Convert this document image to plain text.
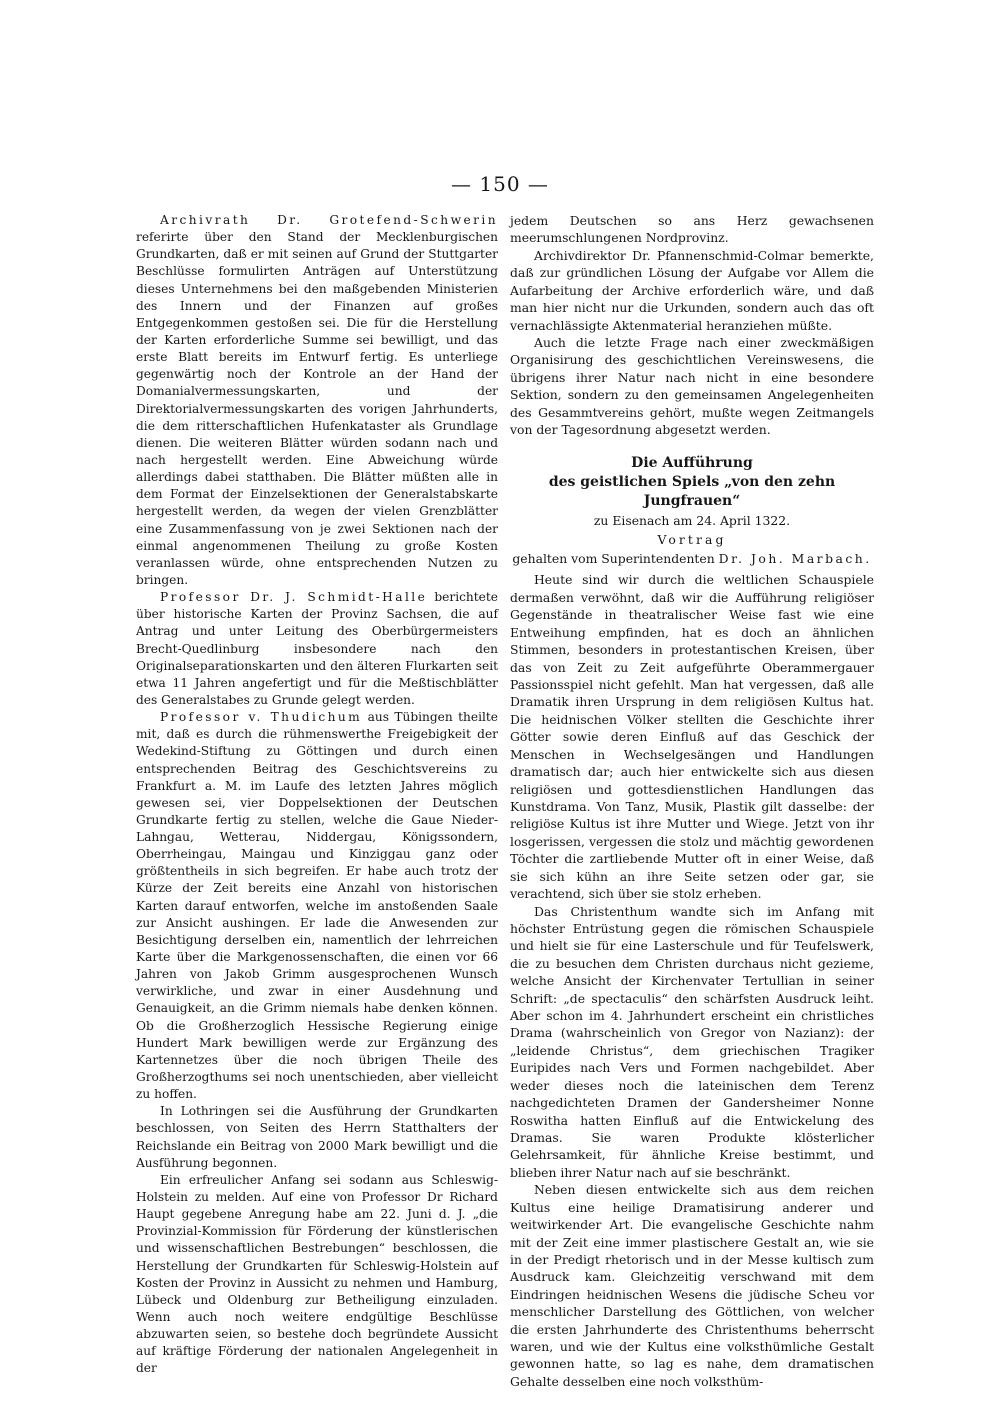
— 150 —

Archivrath Dr. Grotefend-Schwerin referirte über den Stand der Mecklenburgischen Grundkarten, daß er mit seinen auf Grund der Stuttgarter Beschlüsse formulirten Anträgen auf Unterstützung dieses Unternehmens bei den maßgebenden Ministerien des Innern und der Finanzen auf großes Entgegenkommen gestoßen sei. Die für die Herstellung der Karten erforderliche Summe sei bewilligt, und das erste Blatt bereits im Entwurf fertig. Es unterliege gegenwärtig noch der Kontrole an der Hand der Domanialvermessungskarten, und der Direktorialvermessungskarten des vorigen Jahrhunderts, die dem ritterschaftlichen Hufenkataster als Grundlage dienen. Die weiteren Blätter würden sodann nach und nach hergestellt werden. Eine Abweichung würde allerdings dabei statthaben. Die Blätter müßten alle in dem Format der Einzelsektionen der Generalstabskarte hergestellt werden, da wegen der vielen Grenzblätter eine Zusammenfassung von je zwei Sektionen nach der einmal angenommenen Theilung zu große Kosten veranlassen würde, ohne entsprechenden Nutzen zu bringen.

Professor Dr. J. Schmidt-Halle berichtete über historische Karten der Provinz Sachsen, die auf Antrag und unter Leitung des Oberbürgermeisters Brecht-Quedlinburg insbesondere nach den Originalseparationskarten und den älteren Flurkarten seit etwa 11 Jahren angefertigt und für die Meßtischblätter des Generalstabes zu Grunde gelegt werden.

Professor v. Thudichum aus Tübingen theilte mit, daß es durch die rühmenswerthe Freigebigkeit der Wedekind-Stiftung zu Göttingen und durch einen entsprechenden Beitrag des Geschichtsvereins zu Frankfurt a. M. im Laufe des letzten Jahres möglich gewesen sei, vier Doppelsektionen der Deutschen Grundkarte fertig zu stellen, welche die Gaue Nieder-Lahngau, Wetterau, Niddergau, Königssondern, Oberrheingau, Maingau und Kinziggau ganz oder größtentheils in sich begreifen. Er habe auch trotz der Kürze der Zeit bereits eine Anzahl von historischen Karten darauf entworfen, welche im anstoßenden Saale zur Ansicht aushingen. Er lade die Anwesenden zur Besichtigung derselben ein, namentlich der lehrreichen Karte über die Markgenossenschaften, die einen vor 66 Jahren von Jakob Grimm ausgesprochenen Wunsch verwirkliche, und zwar in einer Ausdehnung und Genauigkeit, an die Grimm niemals habe denken können. Ob die Großherzoglich Hessische Regierung einige Hundert Mark bewilligen werde zur Ergänzung des Kartennetzes über die noch übrigen Theile des Großherzogthums sei noch unentschieden, aber vielleicht zu hoffen.

In Lothringen sei die Ausführung der Grundkarten beschlossen, von Seiten des Herrn Statthalters der Reichslande ein Beitrag von 2000 Mark bewilligt und die Ausführung begonnen.

Ein erfreulicher Anfang sei sodann aus Schleswig-Holstein zu melden. Auf eine von Professor Dr Richard Haupt gegebene Anregung habe am 22. Juni d. J. „die Provinzial-Kommission für Förderung der künstlerischen und wissenschaftlichen Bestrebungen“ beschlossen, die Herstellung der Grundkarten für Schleswig-Holstein auf Kosten der Provinz in Aussicht zu nehmen und Hamburg, Lübeck und Oldenburg zur Betheiligung einzuladen. Wenn auch noch weitere endgültige Beschlüsse abzuwarten seien, so bestehe doch begründete Aussicht auf kräftige Förderung der nationalen Angelegenheit in der

jedem Deutschen so ans Herz gewachsenen meerumschlungenen Nordprovinz.

Archivdirektor Dr. Pfannenschmid-Colmar bemerkte, daß zur gründlichen Lösung der Aufgabe vor Allem die Aufarbeitung der Archive erforderlich wäre, und daß man hier nicht nur die Urkunden, sondern auch das oft vernachlässigte Aktenmaterial heranziehen müßte.

Auch die letzte Frage nach einer zweckmäßigen Organisirung des geschichtlichen Vereinswesens, die übrigens ihrer Natur nach nicht in eine besondere Sektion, sondern zu den gemeinsamen Angelegenheiten des Gesammtvereins gehört, mußte wegen Zeitmangels von der Tagesordnung abgesetzt werden.

Die Aufführung
des geistlichen Spiels „von den zehn Jungfrauen“
zu Eisenach am 24. April 1322.
Vortrag
gehalten vom Superintendenten Dr. Joh. Marbach.

Heute sind wir durch die weltlichen Schauspiele dermaßen verwöhnt, daß wir die Aufführung religiöser Gegenstände in theatralischer Weise fast wie eine Entweihung empfinden, hat es doch an ähnlichen Stimmen, besonders in protestantischen Kreisen, über das von Zeit zu Zeit aufgeführte Oberammergauer Passionsspiel nicht gefehlt. Man hat vergessen, daß alle Dramatik ihren Ursprung in dem religiösen Kultus hat. Die heidnischen Völker stellten die Geschichte ihrer Götter sowie deren Einfluß auf das Geschick der Menschen in Wechselgesängen und Handlungen dramatisch dar; auch hier entwickelte sich aus diesen religiösen und gottesdienstlichen Handlungen das Kunstdrama. Von Tanz, Musik, Plastik gilt dasselbe: der religiöse Kultus ist ihre Mutter und Wiege. Jetzt von ihr losgerissen, vergessen die stolz und mächtig gewordenen Töchter die zartliebende Mutter oft in einer Weise, daß sie sich kühn an ihre Seite setzen oder gar, sie verachtend, sich über sie stolz erheben.

Das Christenthum wandte sich im Anfang mit höchster Entrüstung gegen die römischen Schauspiele und hielt sie für eine Lasterschule und für Teufelswerk, die zu besuchen dem Christen durchaus nicht gezieme, welche Ansicht der Kirchenvater Tertullian in seiner Schrift: „de spectaculis“ den schärfsten Ausdruck leiht. Aber schon im 4. Jahrhundert erscheint ein christliches Drama (wahrscheinlich von Gregor von Nazianz): der „leidende Christus“, dem griechischen Tragiker Euripides nach Vers und Formen nachgebildet. Aber weder dieses noch die lateinischen dem Terenz nachgedichteten Dramen der Gandersheimer Nonne Roswitha hatten Einfluß auf die Entwickelung des Dramas. Sie waren Produkte klösterlicher Gelehrsamkeit, für ähnliche Kreise bestimmt, und blieben ihrer Natur nach auf sie beschränkt.

Neben diesen entwickelte sich aus dem reichen Kultus eine heilige Dramatisirung anderer und weitwirkender Art. Die evangelische Geschichte nahm mit der Zeit eine immer plastischere Gestalt an, wie sie in der Predigt rhetorisch und in der Messe kultisch zum Ausdruck kam. Gleichzeitig verschwand mit dem Eindringen heidnischen Wesens die jüdische Scheu vor menschlicher Darstellung des Göttlichen, von welcher die ersten Jahrhunderte des Christenthums beherrscht waren, und wie der Kultus eine volksthümliche Gestalt gewonnen hatte, so lag es nahe, dem dramatischen Gehalte desselben eine noch volksthüm-
